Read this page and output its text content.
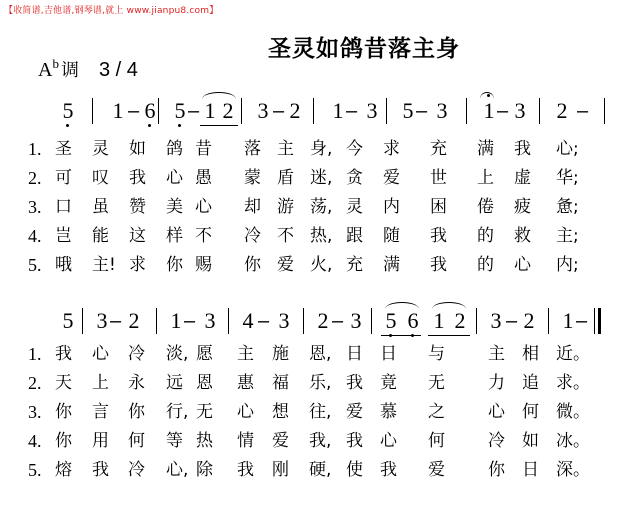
【收简谱,吉他谱,钢琴谱,就上 www.jianpu8.com】
圣灵如鸽昔落主身
$A^b$ 调 3 / 4
5 1 – 6 5 – 1 2 3 – 2 1 – 3 5 – 3 1 – 3 2 –
1. 圣 灵 如 鸽 昔 落 主 身, 今 求 充 满 我 心;
2. 可 叹 我 心 愚 蒙 盾 迷, 贪 爱 世 上 虚 华;
3. 口 虽 赞 美 心 却 游 荡, 灵 内 困 倦 疲 惫;
4. 岂 能 这 样 不 冷 不 热, 跟 随 我 的 救 主;
5. 哦 主! 求 你 赐 你 爱 火, 充 满 我 的 心 内;
5 3 – 2 1 – 3 4 – 3 2 – 3 5 6 1 2 3 – 2 1 –
1. 我 心 冷 淡, 愿 主 施 恩, 日 日 与	主 相 近。
2. 天 上 永 远 恩 惠 福 乐, 我 竟 无	力 追 求。
3. 你 言 你 行, 无 心 想 往, 爱 慕 之	心 何 微。
4. 你 用 何 等 热 情 爱 我, 我 心 何	冷 如 冰。
5. 熔 我 冷 心, 除 我 刚 硬, 使 我 爱	你 日 深。
